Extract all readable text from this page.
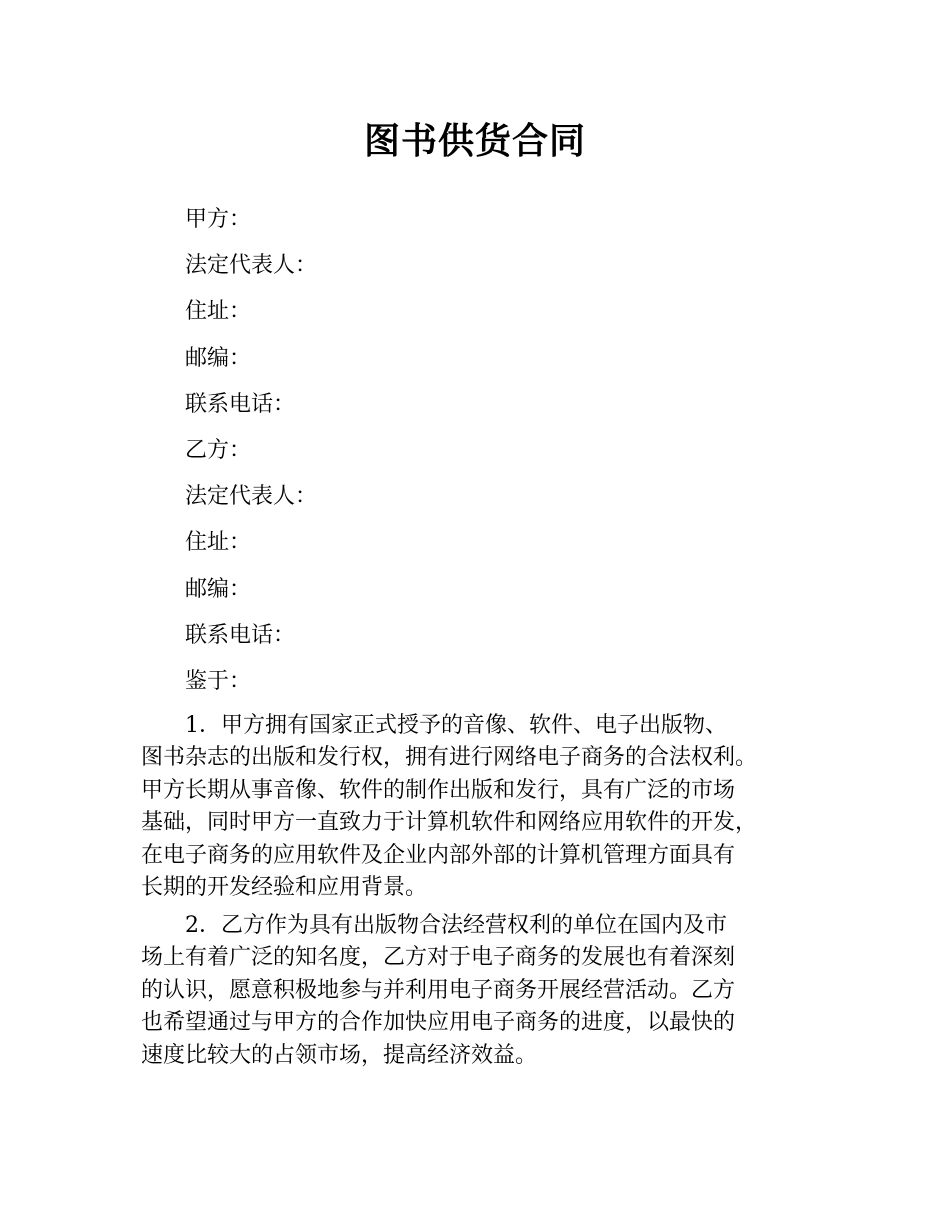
图书供货合同
甲方：
法定代表人：
住址：
邮编：
联系电话：
乙方：
法定代表人：
住址：
邮编：
联系电话：
鉴于：
1．甲方拥有国家正式授予的音像、软件、电子出版物、
图书杂志的出版和发行权，拥有进行网络电子商务的合法权利。
甲方长期从事音像、软件的制作出版和发行，具有广泛的市场
基础，同时甲方一直致力于计算机软件和网络应用软件的开发，
在电子商务的应用软件及企业内部外部的计算机管理方面具有
长期的开发经验和应用背景。
2．乙方作为具有出版物合法经营权利的单位在国内及市
场上有着广泛的知名度，乙方对于电子商务的发展也有着深刻
的认识，愿意积极地参与并利用电子商务开展经营活动。乙方
也希望通过与甲方的合作加快应用电子商务的进度，以最快的
速度比较大的占领市场，提高经济效益。
